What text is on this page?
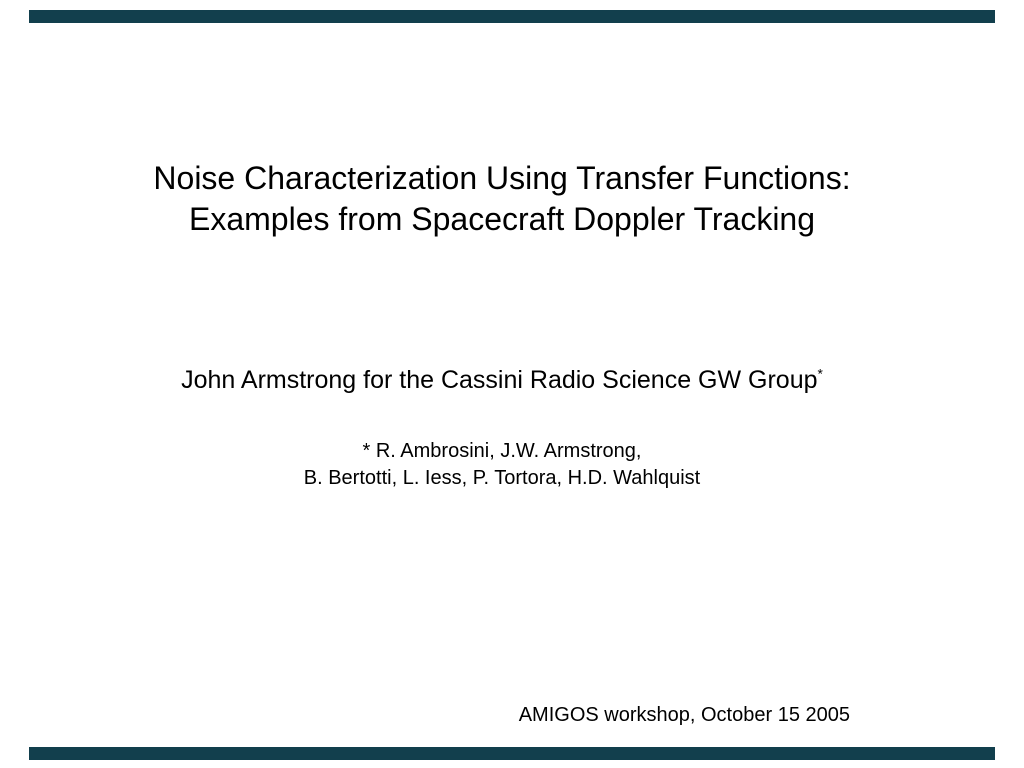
Noise Characterization Using Transfer Functions:
Examples from Spacecraft Doppler Tracking
John Armstrong for the Cassini Radio Science GW Group*
* R. Ambrosini, J.W. Armstrong,
B. Bertotti, L. Iess, P. Tortora, H.D. Wahlquist
AMIGOS workshop, October 15 2005
